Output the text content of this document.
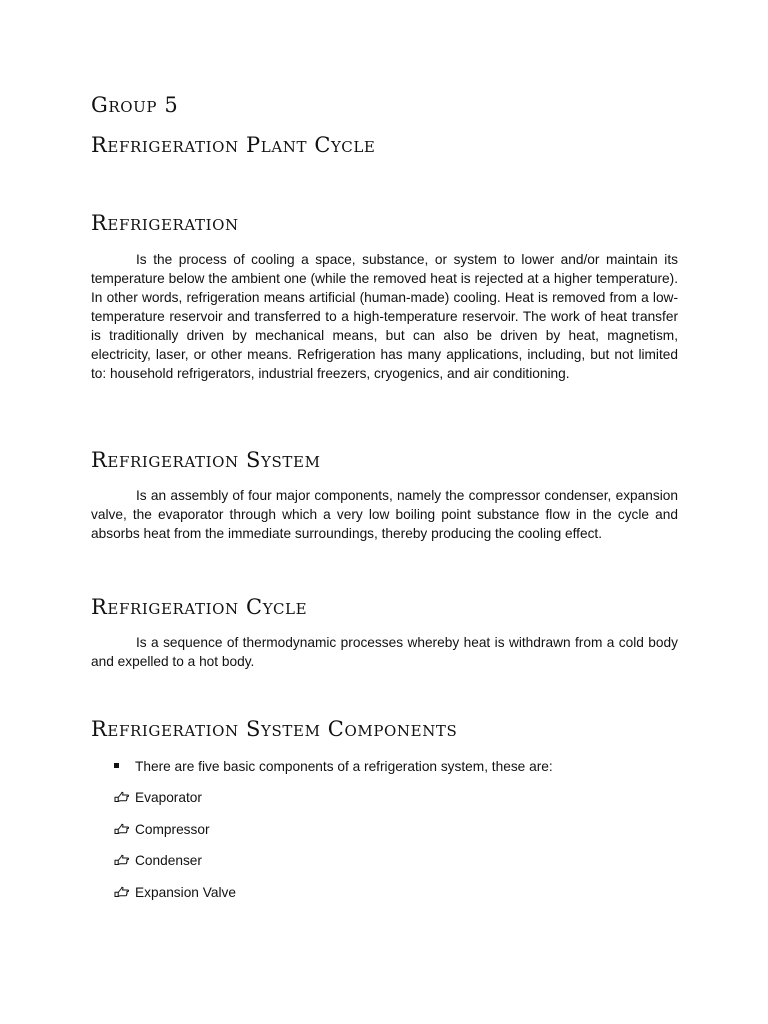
Group 5
Refrigeration Plant Cycle
Refrigeration

Is the process of cooling a space, substance, or system to lower and/or maintain its temperature below the ambient one (while the removed heat is rejected at a higher temperature). In other words, refrigeration means artificial (human-made) cooling. Heat is removed from a low-temperature reservoir and transferred to a high-temperature reservoir. The work of heat transfer is traditionally driven by mechanical means, but can also be driven by heat, magnetism, electricity, laser, or other means. Refrigeration has many applications, including, but not limited to: household refrigerators, industrial freezers, cryogenics, and air conditioning.

Refrigeration System

Is an assembly of four major components, namely the compressor condenser, expansion valve, the evaporator through which a very low boiling point substance flow in the cycle and absorbs heat from the immediate surroundings, thereby producing the cooling effect.

Refrigeration Cycle

Is a sequence of thermodynamic processes whereby heat is withdrawn from a cold body and expelled to a hot body.

Refrigeration System Components
There are five basic components of a refrigeration system, these are:
Evaporator
Compressor
Condenser
Expansion Valve
